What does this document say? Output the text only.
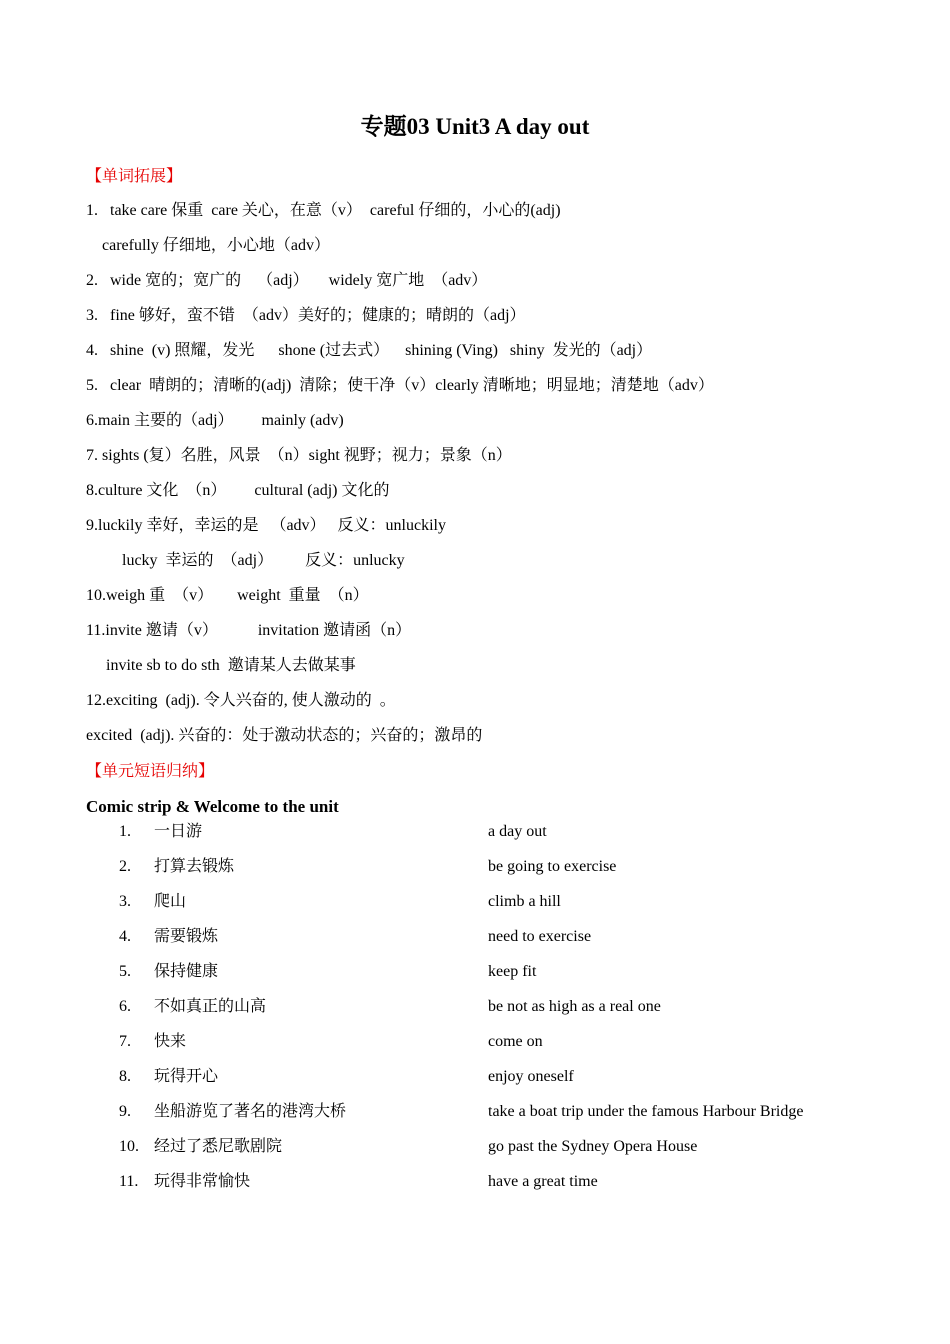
专题03 Unit3 A day out
【单词拓展】
1.   take care 保重  care 关心，在意（v）  careful 仔细的，小心的(adj)
carefully 仔细地，小心地（adv）
2.   wide 宽的；宽广的    （adj）     widely 宽广地  （adv）
3.   fine 够好，蛮不错  （adv）美好的；健康的；晴朗的（adj）
4.   shine  (v) 照耀，发光      shone (过去式）    shining (Ving)   shiny  发光的（adj）
5.   clear  晴朗的；清晰的(adj)  清除；使干净（v）clearly 清晰地；明显地；清楚地（adv）
6.main 主要的（adj）       mainly (adv)
7. sights (复）名胜，风景  （n）sight 视野；视力；景象（n）
8.culture 文化  （n）       cultural (adj) 文化的
9.luckily 幸好，幸运的是   （adv）   反义：unluckily
lucky  幸运的  （adj）        反义：unlucky
10.weigh 重  （v）      weight  重量  （n）
11.invite 邀请（v）          invitation 邀请函（n）
invite sb to do sth  邀请某人去做某事
12.exciting  (adj). 令人兴奋的, 使人激动的  。
excited  (adj). 兴奋的：处于激动状态的；兴奋的；激昂的
【单元短语归纳】
Comic strip & Welcome to the unit
1. 一日游	a day out
2. 打算去锻炼	be going to exercise
3. 爬山	climb a hill
4. 需要锻炼	need to exercise
5. 保持健康	keep fit
6. 不如真正的山高	be not as high as a real one
7. 快来	come on
8. 玩得开心	enjoy oneself
9. 坐船游览了著名的港湾大桥	take a boat trip under the famous Harbour Bridge
10. 经过了悉尼歌剧院	go past the Sydney Opera House
11. 玩得非常愉快	have a great time
